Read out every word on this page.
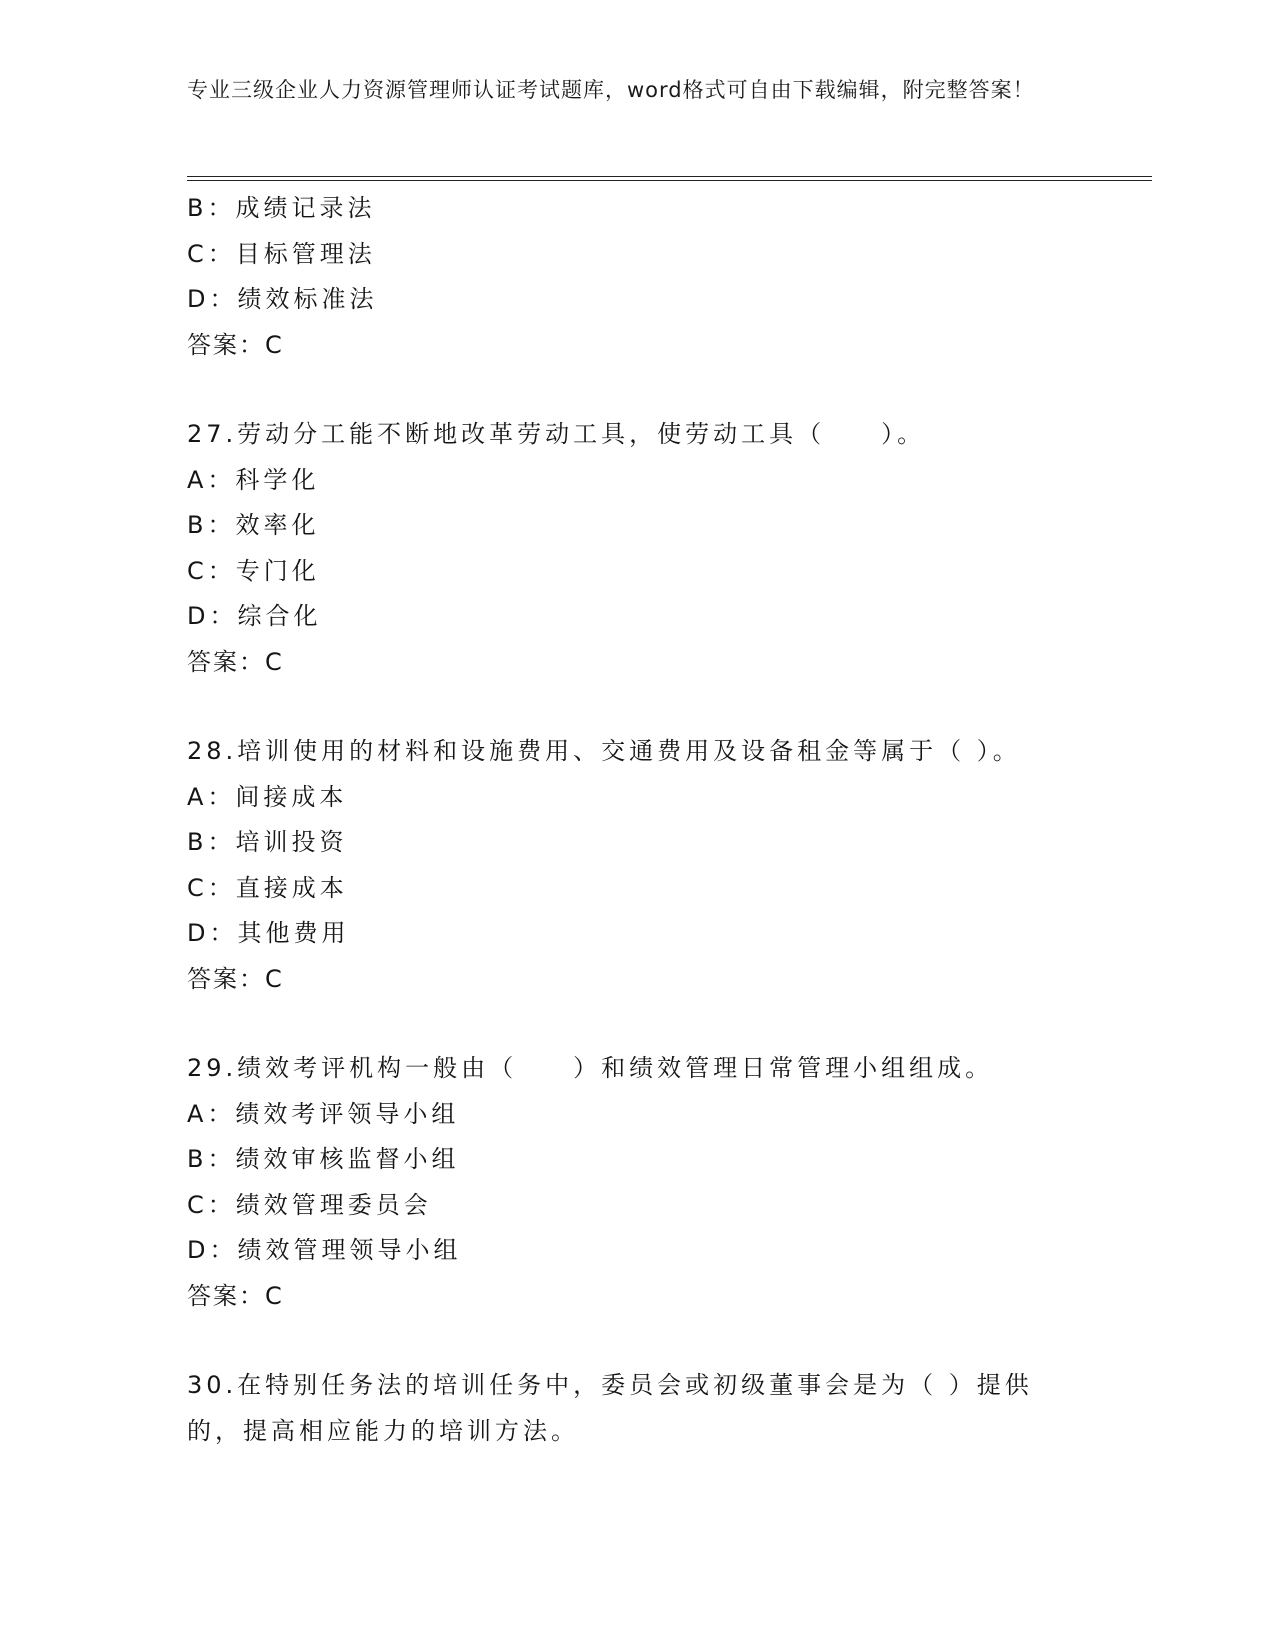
专业三级企业人力资源管理师认证考试题库，word格式可自由下载编辑，附完整答案！
B：成绩记录法
C：目标管理法
D：绩效标准法
答案：C
27.劳动分工能不断地改革劳动工具，使劳动工具（　　）。
A：科学化
B：效率化
C：专门化
D：综合化
答案：C
28.培训使用的材料和设施费用、交通费用及设备租金等属于（ ）。
A：间接成本
B：培训投资
C：直接成本
D：其他费用
答案：C
29.绩效考评机构一般由（　　）和绩效管理日常管理小组组成。
A：绩效考评领导小组
B：绩效审核监督小组
C：绩效管理委员会
D：绩效管理领导小组
答案：C
30.在特别任务法的培训任务中，委员会或初级董事会是为（ ）提供的，提高相应能力的培训方法。
